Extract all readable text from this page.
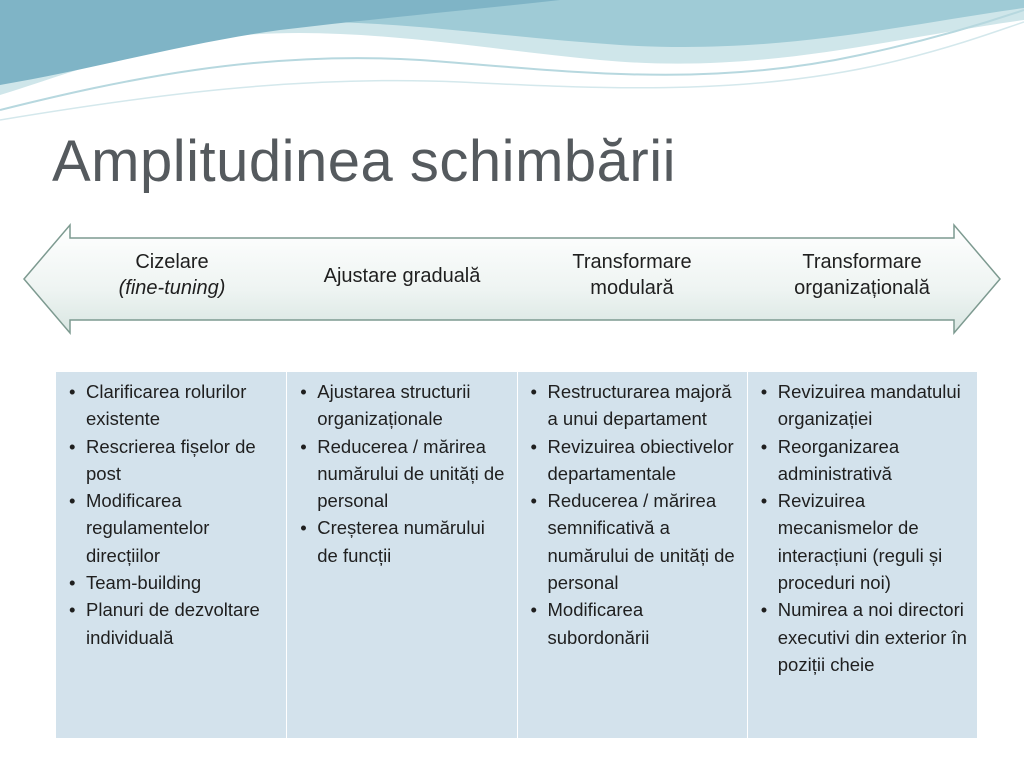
Amplitudinea schimbării
Cizelare
(fine-tuning)
Ajustare graduală
Transformare
modulară
Transformare
organizațională
• Clarificarea rolurilor existente
• Rescrierea fișelor de post
• Modificarea regulamentelor direcțiilor
• Team-building
• Planuri de dezvoltare individuală
• Ajustarea structurii organizaționale
• Reducerea / mărirea numărului de unități de personal
• Creșterea numărului de funcții
• Restructurarea majoră a unui departament
• Revizuirea obiectivelor departamentale
• Reducerea / mărirea semnificativă a numărului de unități de personal
• Modificarea subordonării
• Revizuirea mandatului organizației
• Reorganizarea administrativă
• Revizuirea mecanismelor de interacțiuni (reguli și proceduri noi)
• Numirea a noi directori executivi din exterior în poziții cheie
